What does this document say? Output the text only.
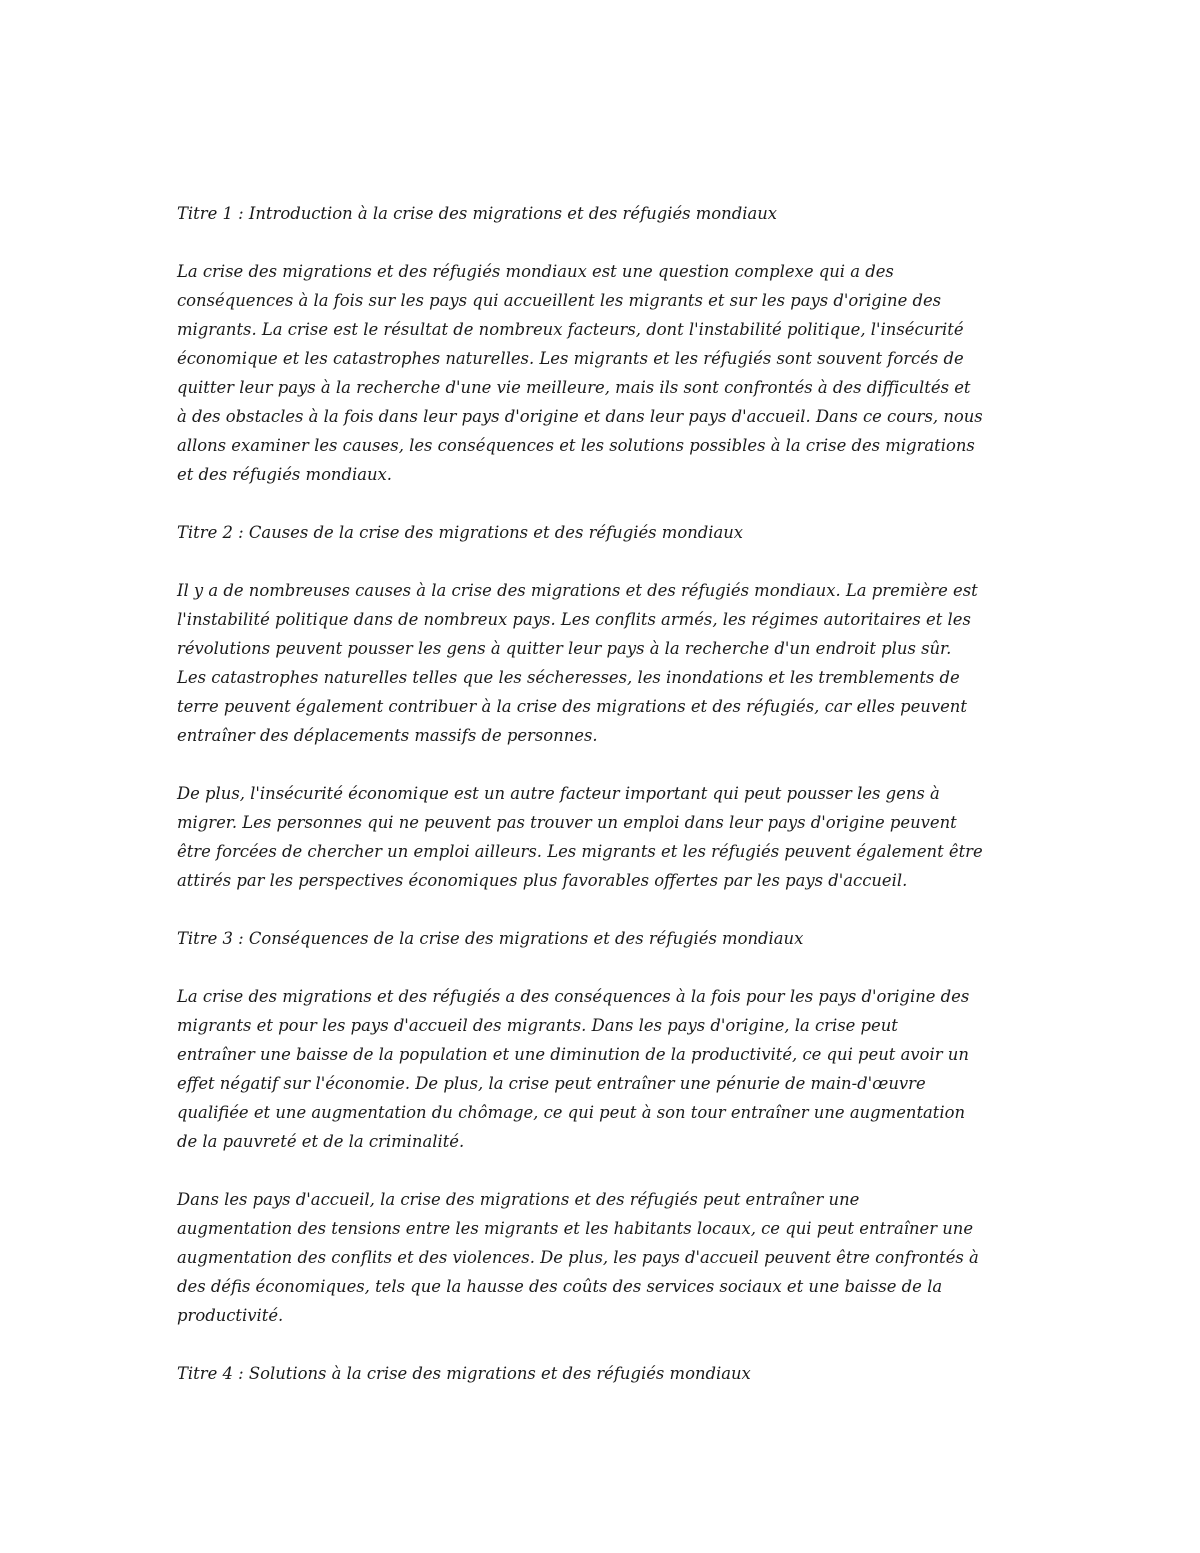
Titre 1 : Introduction à la crise des migrations et des réfugiés mondiaux
La crise des migrations et des réfugiés mondiaux est une question complexe qui a des
conséquences à la fois sur les pays qui accueillent les migrants et sur les pays d'origine des
migrants. La crise est le résultat de nombreux facteurs, dont l'instabilité politique, l'insécurité
économique et les catastrophes naturelles. Les migrants et les réfugiés sont souvent forcés de
quitter leur pays à la recherche d'une vie meilleure, mais ils sont confrontés à des difficultés et
à des obstacles à la fois dans leur pays d'origine et dans leur pays d'accueil. Dans ce cours, nous
allons examiner les causes, les conséquences et les solutions possibles à la crise des migrations
et des réfugiés mondiaux.
Titre 2 : Causes de la crise des migrations et des réfugiés mondiaux
Il y a de nombreuses causes à la crise des migrations et des réfugiés mondiaux. La première est
l'instabilité politique dans de nombreux pays. Les conflits armés, les régimes autoritaires et les
révolutions peuvent pousser les gens à quitter leur pays à la recherche d'un endroit plus sûr.
Les catastrophes naturelles telles que les sécheresses, les inondations et les tremblements de
terre peuvent également contribuer à la crise des migrations et des réfugiés, car elles peuvent
entraîner des déplacements massifs de personnes.
De plus, l'insécurité économique est un autre facteur important qui peut pousser les gens à
migrer. Les personnes qui ne peuvent pas trouver un emploi dans leur pays d'origine peuvent
être forcées de chercher un emploi ailleurs. Les migrants et les réfugiés peuvent également être
attirés par les perspectives économiques plus favorables offertes par les pays d'accueil.
Titre 3 : Conséquences de la crise des migrations et des réfugiés mondiaux
La crise des migrations et des réfugiés a des conséquences à la fois pour les pays d'origine des
migrants et pour les pays d'accueil des migrants. Dans les pays d'origine, la crise peut
entraîner une baisse de la population et une diminution de la productivité, ce qui peut avoir un
effet négatif sur l'économie. De plus, la crise peut entraîner une pénurie de main-d'œuvre
qualifiée et une augmentation du chômage, ce qui peut à son tour entraîner une augmentation
de la pauvreté et de la criminalité.
Dans les pays d'accueil, la crise des migrations et des réfugiés peut entraîner une
augmentation des tensions entre les migrants et les habitants locaux, ce qui peut entraîner une
augmentation des conflits et des violences. De plus, les pays d'accueil peuvent être confrontés à
des défis économiques, tels que la hausse des coûts des services sociaux et une baisse de la
productivité.
Titre 4 : Solutions à la crise des migrations et des réfugiés mondiaux
